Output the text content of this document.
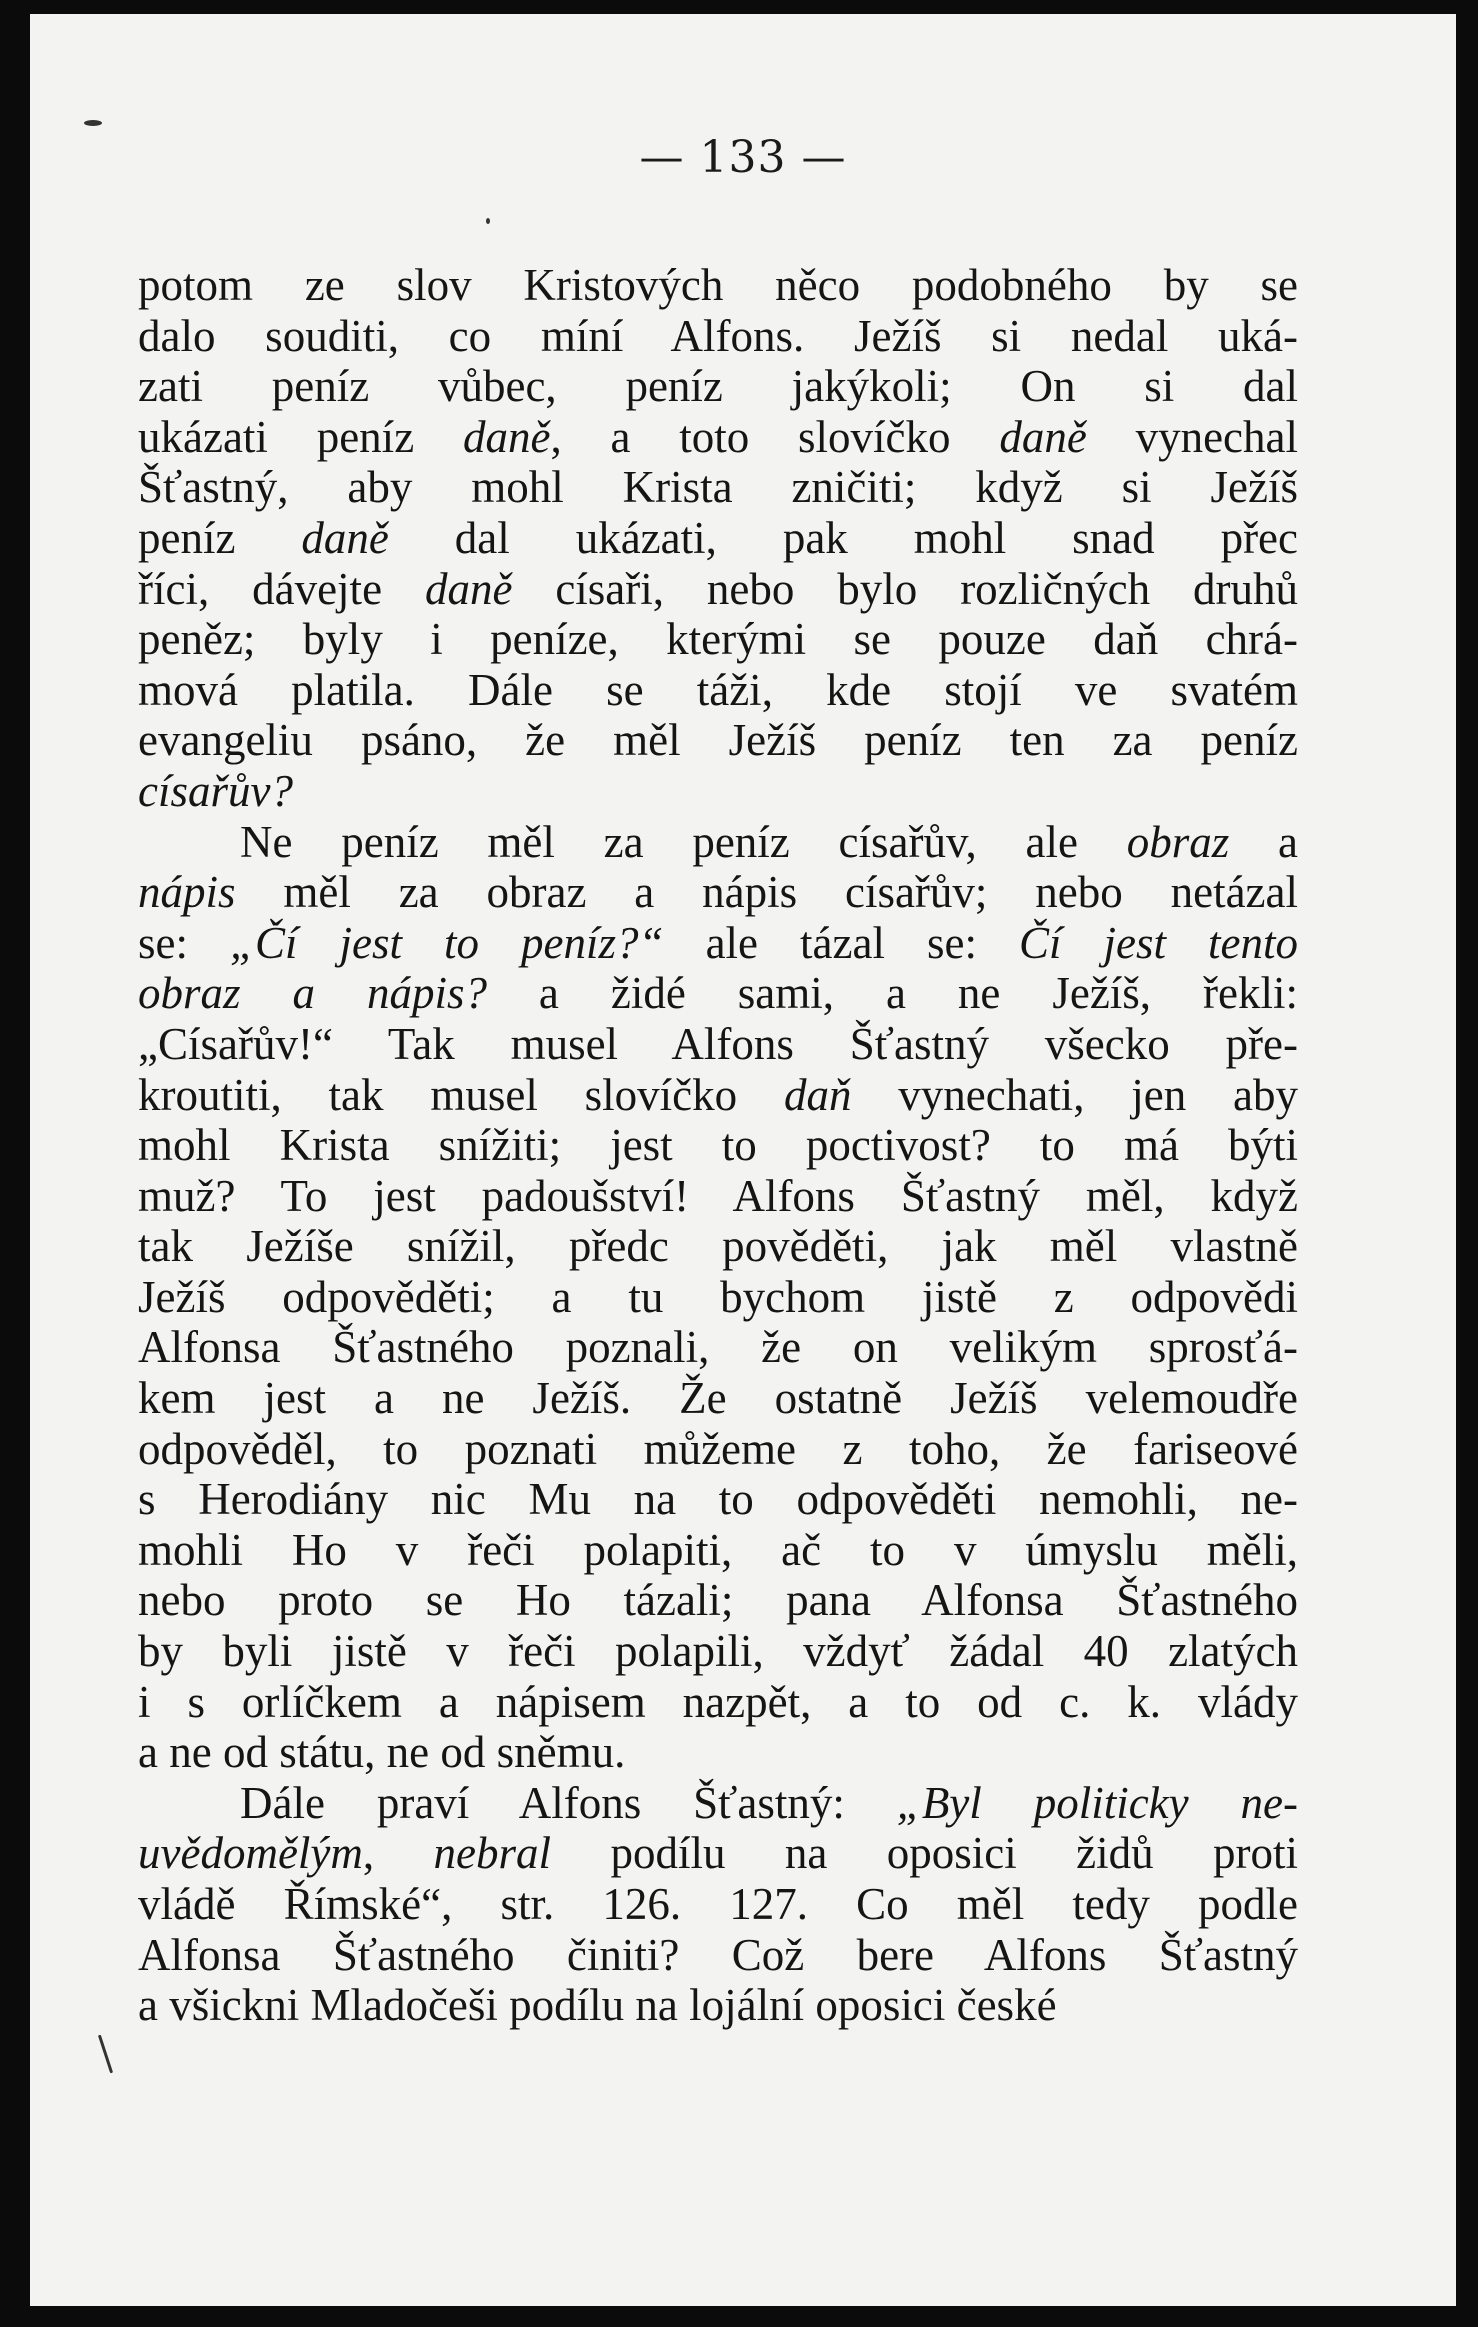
— 133 —
potom ze slov Kristových něco podobného by se
dalo souditi, co míní Alfons. Ježíš si nedal uká-
zati peníz vůbec, peníz jakýkoli; On si dal
ukázati peníz daně, a toto slovíčko daně vynechal
Šťastný, aby mohl Krista zničiti; když si Ježíš
peníz daně dal ukázati, pak mohl snad přec
říci, dávejte daně císaři, nebo bylo rozličných druhů
peněz; byly i peníze, kterými se pouze daň chrá-
mová platila. Dále se táži, kde stojí ve svatém
evangeliu psáno, že měl Ježíš peníz ten za peníz
císařův?
Ne peníz měl za peníz císařův, ale obraz a
nápis měl za obraz a nápis císařův; nebo netázal
se: „Čí jest to peníz?“ ale tázal se: Čí jest tento
obraz a nápis? a židé sami, a ne Ježíš, řekli:
„Císařův!“ Tak musel Alfons Šťastný všecko pře-
kroutiti, tak musel slovíčko daň vynechati, jen aby
mohl Krista snížiti; jest to poctivost? to má býti
muž? To jest padoušství! Alfons Šťastný měl, když
tak Ježíše snížil, předc pověděti, jak měl vlastně
Ježíš odpověděti; a tu bychom jistě z odpovědi
Alfonsa Šťastného poznali, že on velikým sprosťá-
kem jest a ne Ježíš. Že ostatně Ježíš velemoudře
odpověděl, to poznati můžeme z toho, že fariseové
s Herodiány nic Mu na to odpověděti nemohli, ne-
mohli Ho v řeči polapiti, ač to v úmyslu měli,
nebo proto se Ho tázali; pana Alfonsa Šťastného
by byli jistě v řeči polapili, vždyť žádal 40 zlatých
i s orlíčkem a nápisem nazpět, a to od c. k. vlády
a ne od státu, ne od sněmu.
Dále praví Alfons Šťastný: „Byl politicky ne-
uvědomělým, nebral podílu na oposici židů proti
vládě Římské“, str. 126. 127. Co měl tedy podle
Alfonsa Šťastného činiti? Což bere Alfons Šťastný
a všickni Mladočeši podílu na lojální oposici české
